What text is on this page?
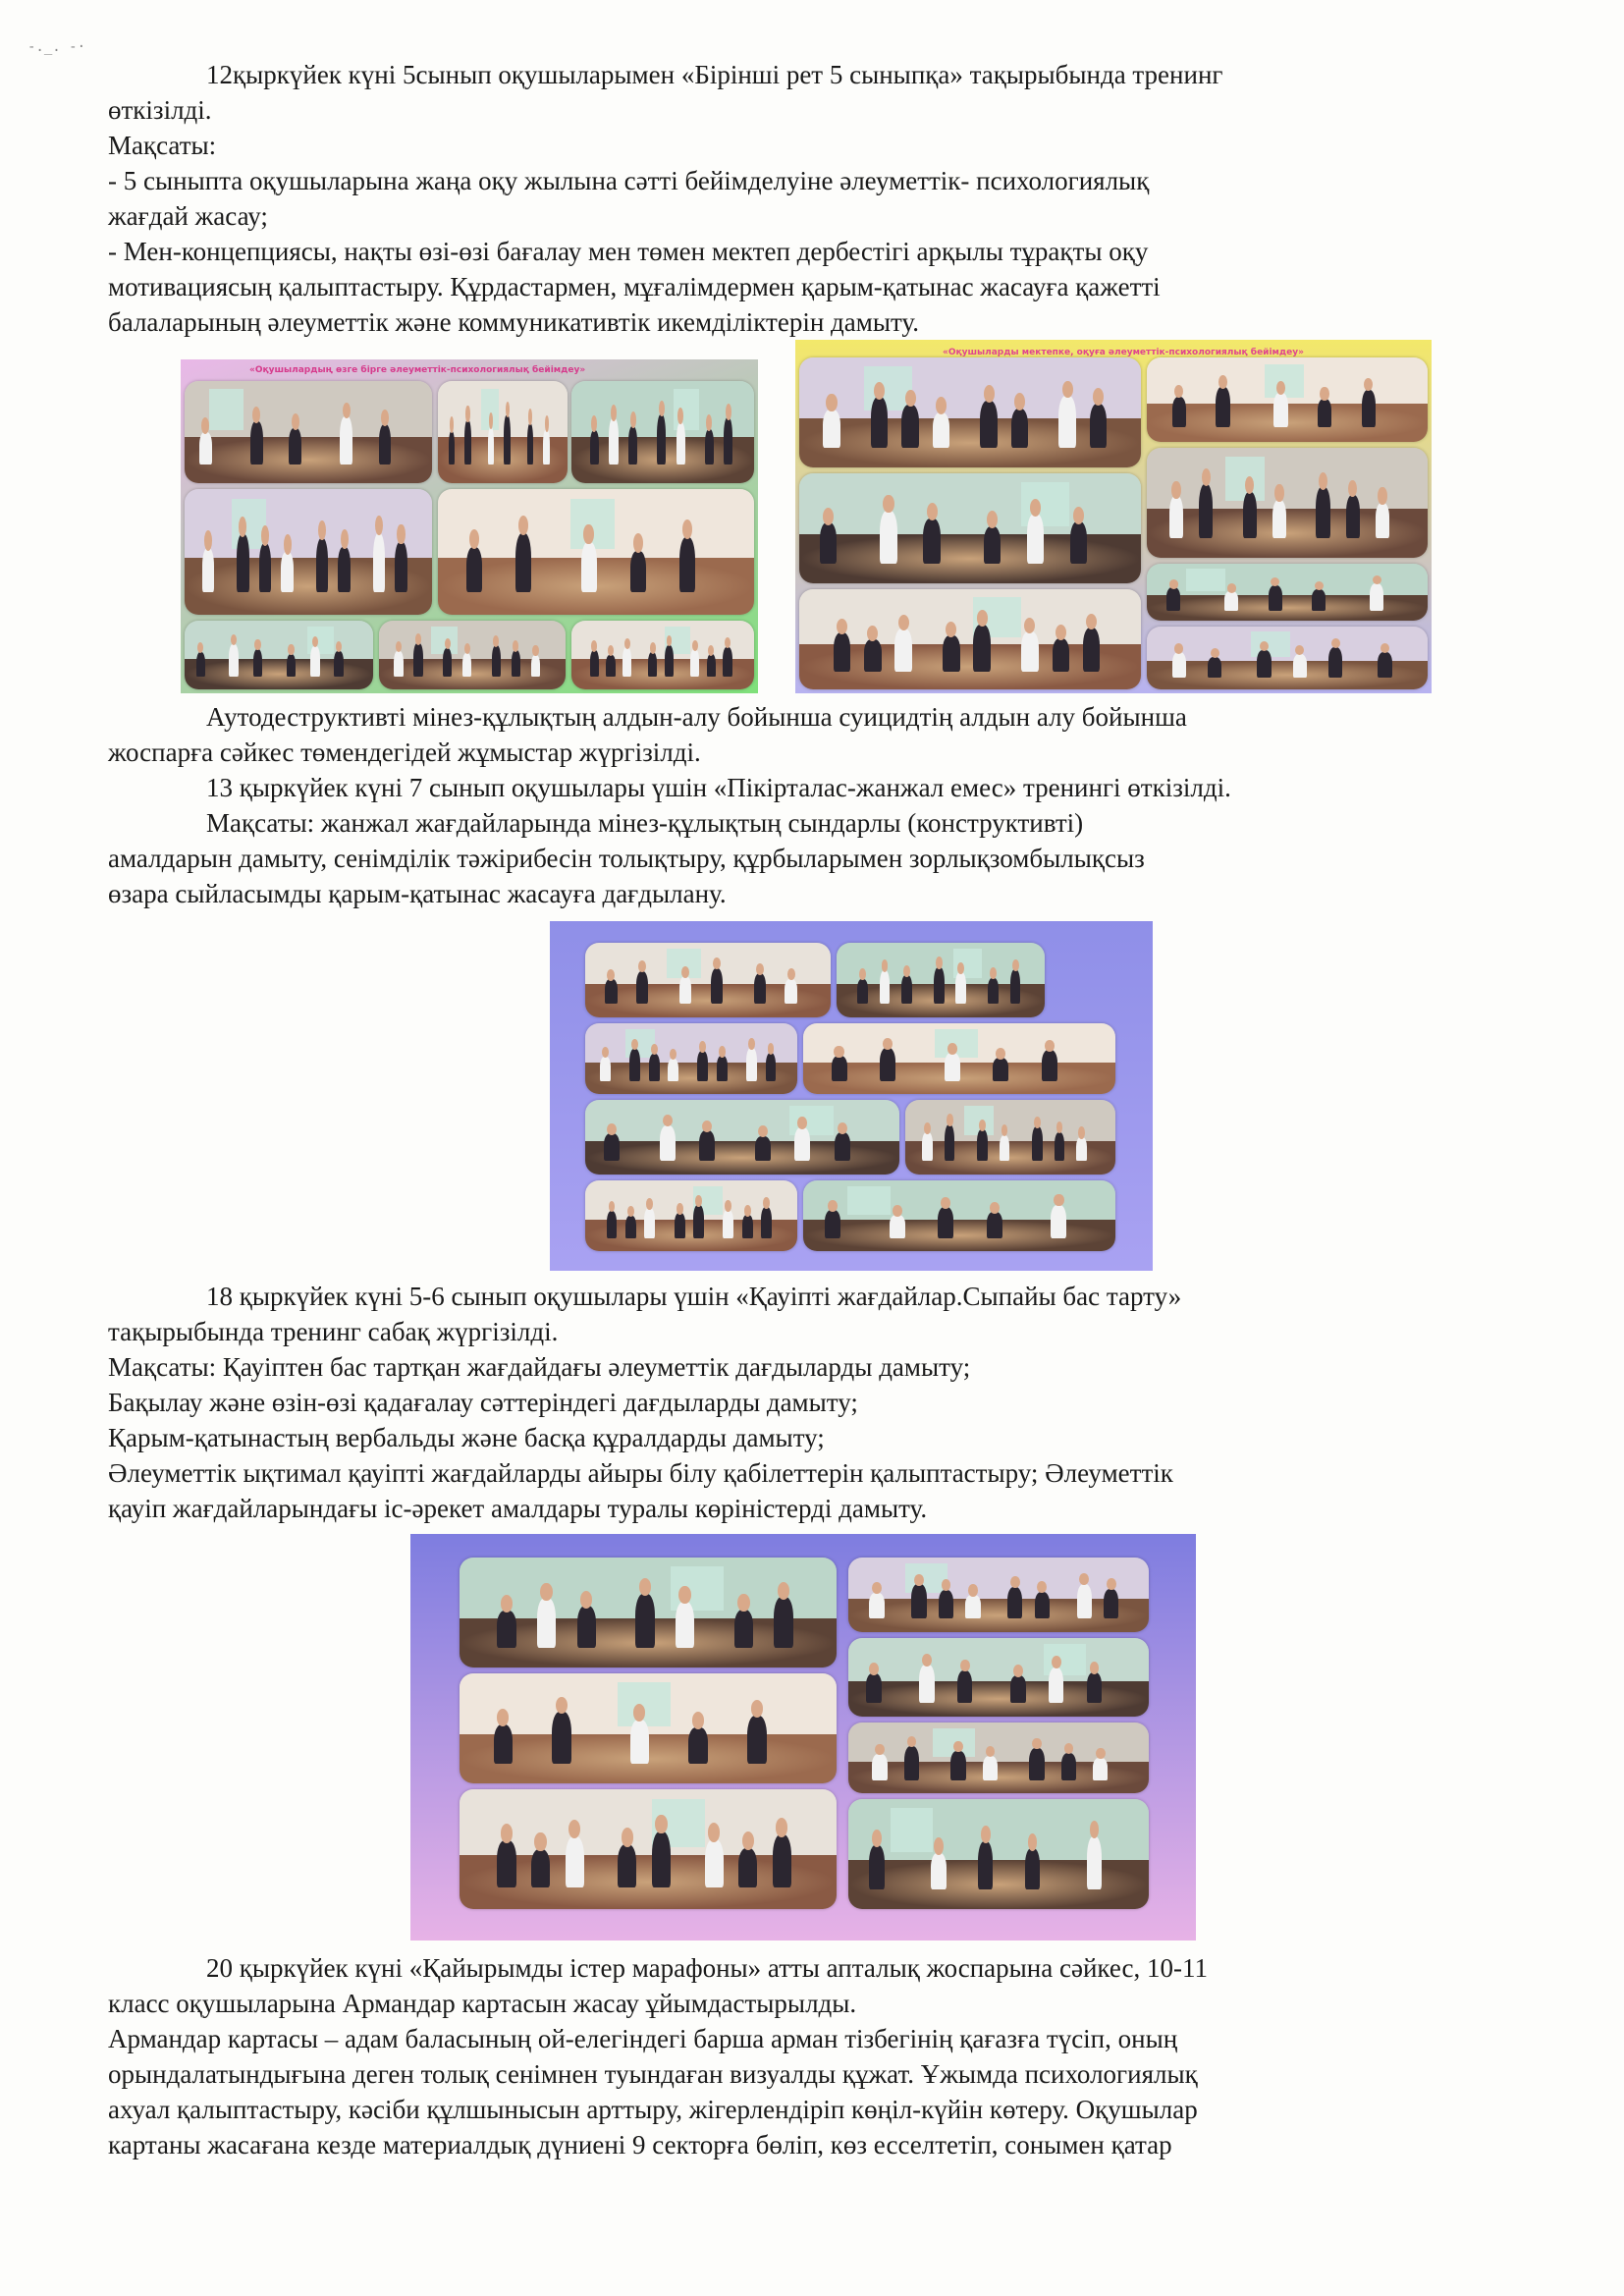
-._. -·

12қыркүйек күні 5сынып оқушыларымен «Бірінші рет 5 сыныпқа» тақырыбында тренинг

өткізілді.

Мақсаты:

- 5 сыныпта оқушыларына жаңа оқу жылына сәтті бейімделуіне әлеуметтік- психологиялық

жағдай жасау;

- Мен-концепциясы, нақты өзі-өзі бағалау мен төмен мектеп дербестігі арқылы тұрақты оқу

мотивациясың қалыптастыру. Құрдастармен, мұғалімдермен қарым-қатынас жасауға қажетті

балаларының әлеуметтік және коммуникативтік икемділіктерін дамыту.

«Оқушылардың өзге бірге әлеуметтік-психологиялық бейімдеу»
«Оқушыларды мектепке, оқуға әлеуметтік-психологиялық бейімдеу»

Аутодеструктивті мінез-құлықтың алдын-алу бойынша суицидтің алдын алу бойынша

жоспарға сәйкес төмендегідей жұмыстар жүргізілді.

13 қыркүйек күні 7 сынып оқушылары үшін «Пікірталас-жанжал емес» тренингі өткізілді.

Мақсаты: жанжал жағдайларында мінез-құлықтың сындарлы (конструктивті)

амалдарын дамыту, сенімділік тәжірибесін толықтыру, құрбыларымен зорлықзомбылықсыз

өзара сыйласымды қарым-қатынас жасауға дағдылану.

18 қыркүйек күні 5-6 сынып оқушылары үшін «Қауіпті жағдайлар.Сыпайы бас тарту»

тақырыбында тренинг сабақ жүргізілді.

Мақсаты: Қауіптен бас тартқан жағдайдағы әлеуметтік дағдыларды дамыту;

Бақылау және өзін-өзі қадағалау сәттеріндегі дағдыларды дамыту;

Қарым-қатынастың вербальды және басқа құралдарды дамыту;

Әлеуметтік ықтимал қауіпті жағдайларды айыры білу қабілеттерін қалыптастыру; Әлеуметтік

қауіп жағдайларындағы іс-әрекет амалдары туралы көріністерді дамыту.

20 қыркүйек күні «Қайырымды істер марафоны» атты апталық жоспарына сәйкес, 10-11

класс оқушыларына Армандар картасын жасау ұйымдастырылды.

Армандар картасы – адам баласының ой-елегіндегі барша арман тізбегінің қағазға түсіп, оның

орындалатындығына деген толық сенімнен туындаған визуалды құжат. Ұжымда психологиялық

ахуал қалыптастыру, кәсіби құлшынысын арттыру, жігерлендіріп көңіл-күйін көтеру. Оқушылар

картаны жасағана кезде материалдық дүниені 9 секторға бөліп, көз есселтетіп, сонымен қатар
